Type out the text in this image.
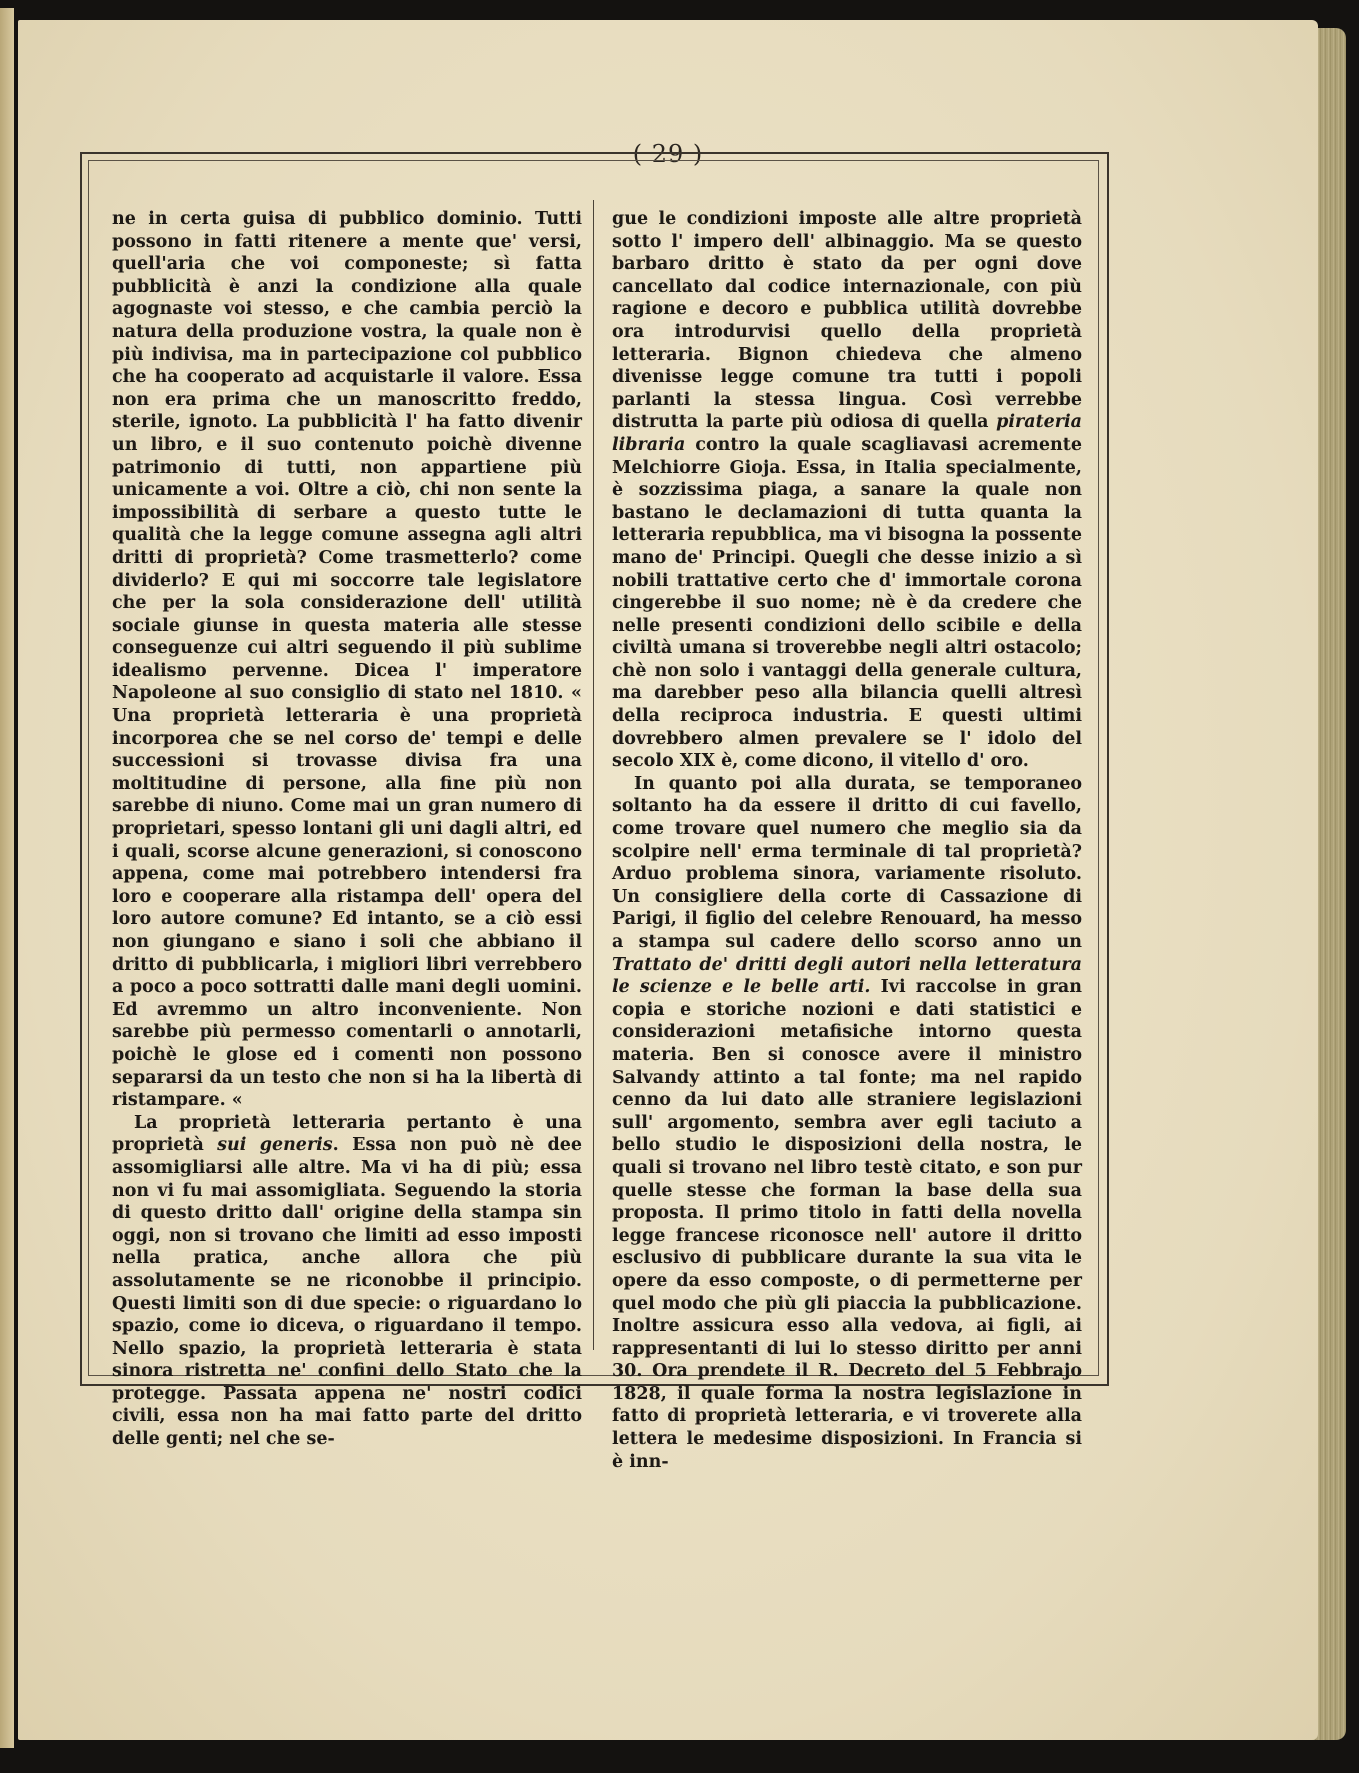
( 29 )

ne in certa guisa di pubblico dominio. Tutti possono in fatti ritenere a mente que' versi, quell'aria che voi componeste; sì fatta pubblicità è anzi la condizione alla quale agognaste voi stesso, e che cambia perciò la natura della produzione vostra, la quale non è più indivisa, ma in partecipazione col pubblico che ha cooperato ad acquistarle il valore. Essa non era prima che un manoscritto freddo, sterile, ignoto. La pubblicità l' ha fatto divenir un libro, e il suo contenuto poichè divenne patrimonio di tutti, non appartiene più unicamente a voi. Oltre a ciò, chi non sente la impossibilità di serbare a questo tutte le qualità che la legge comune assegna agli altri dritti di proprietà? Come trasmetterlo? come dividerlo? E qui mi soccorre tale legislatore che per la sola considerazione dell' utilità sociale giunse in questa materia alle stesse conseguenze cui altri seguendo il più sublime idealismo pervenne. Dicea l' imperatore Napoleone al suo consiglio di stato nel 1810. « Una proprietà letteraria è una proprietà incorporea che se nel corso de' tempi e delle successioni si trovasse divisa fra una moltitudine di persone, alla fine più non sarebbe di niuno. Come mai un gran numero di proprietari, spesso lontani gli uni dagli altri, ed i quali, scorse alcune generazioni, si conoscono appena, come mai potrebbero intendersi fra loro e cooperare alla ristampa dell' opera del loro autore comune? Ed intanto, se a ciò essi non giungano e siano i soli che abbiano il dritto di pubblicarla, i migliori libri verrebbero a poco a poco sottratti dalle mani degli uomini. Ed avremmo un altro inconveniente. Non sarebbe più permesso comentarli o annotarli, poichè le glose ed i comenti non possono separarsi da un testo che non si ha la libertà di ristampare. «

La proprietà letteraria pertanto è una proprietà sui generis. Essa non può nè dee assomigliarsi alle altre. Ma vi ha di più; essa non vi fu mai assomigliata. Seguendo la storia di questo dritto dall' origine della stampa sin oggi, non si trovano che limiti ad esso imposti nella pratica, anche allora che più assolutamente se ne riconobbe il principio. Questi limiti son di due specie: o riguardano lo spazio, come io diceva, o riguardano il tempo. Nello spazio, la proprietà letteraria è stata sinora ristretta ne' confini dello Stato che la protegge. Passata appena ne' nostri codici civili, essa non ha mai fatto parte del dritto delle genti; nel che se-

gue le condizioni imposte alle altre proprietà sotto l' impero dell' albinaggio. Ma se questo barbaro dritto è stato da per ogni dove cancellato dal codice internazionale, con più ragione e decoro e pubblica utilità dovrebbe ora introdurvisi quello della proprietà letteraria. Bignon chiedeva che almeno divenisse legge comune tra tutti i popoli parlanti la stessa lingua. Così verrebbe distrutta la parte più odiosa di quella pirateria libraria contro la quale scagliavasi acremente Melchiorre Gioja. Essa, in Italia specialmente, è sozzissima piaga, a sanare la quale non bastano le declamazioni di tutta quanta la letteraria repubblica, ma vi bisogna la possente mano de' Principi. Quegli che desse inizio a sì nobili trattative certo che d' immortale corona cingerebbe il suo nome; nè è da credere che nelle presenti condizioni dello scibile e della civiltà umana si troverebbe negli altri ostacolo; chè non solo i vantaggi della generale cultura, ma darebber peso alla bilancia quelli altresì della reciproca industria. E questi ultimi dovrebbero almen prevalere se l' idolo del secolo XIX è, come dicono, il vitello d' oro.

In quanto poi alla durata, se temporaneo soltanto ha da essere il dritto di cui favello, come trovare quel numero che meglio sia da scolpire nell' erma terminale di tal proprietà? Arduo problema sinora, variamente risoluto. Un consigliere della corte di Cassazione di Parigi, il figlio del celebre Renouard, ha messo a stampa sul cadere dello scorso anno un Trattato de' dritti degli autori nella letteratura le scienze e le belle arti. Ivi raccolse in gran copia e storiche nozioni e dati statistici e considerazioni metafisiche intorno questa materia. Ben si conosce avere il ministro Salvandy attinto a tal fonte; ma nel rapido cenno da lui dato alle straniere legislazioni sull' argomento, sembra aver egli taciuto a bello studio le disposizioni della nostra, le quali si trovano nel libro testè citato, e son pur quelle stesse che forman la base della sua proposta. Il primo titolo in fatti della novella legge francese riconosce nell' autore il dritto esclusivo di pubblicare durante la sua vita le opere da esso composte, o di permetterne per quel modo che più gli piaccia la pubblicazione. Inoltre assicura esso alla vedova, ai figli, ai rappresentanti di lui lo stesso diritto per anni 30. Ora prendete il R. Decreto del 5 Febbrajo 1828, il quale forma la nostra legislazione in fatto di proprietà letteraria, e vi troverete alla lettera le medesime disposizioni. In Francia si è inn-
